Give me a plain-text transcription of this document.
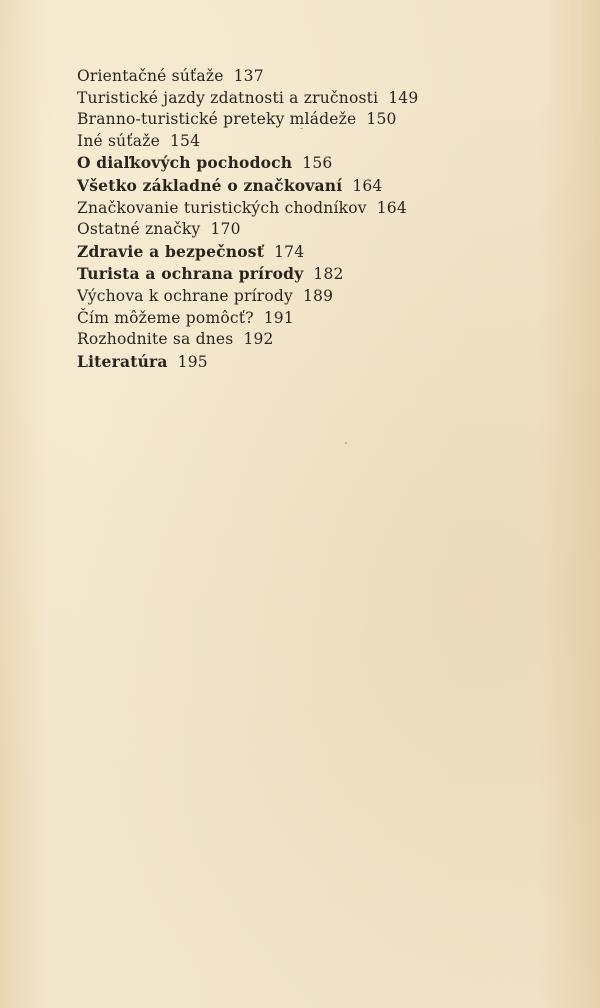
Orientačné súťaže 137
Turistické jazdy zdatnosti a zručnosti 149
Branno-turistické preteky mládeže 150
Iné súťaže 154
O diaľkových pochodoch 156
Všetko základné o značkovaní 164
Značkovanie turistických chodníkov 164
Ostatné značky 170
Zdravie a bezpečnosť 174
Turista a ochrana prírody 182
Výchova k ochrane prírody 189
Čím môžeme pomôcť? 191
Rozhodnite sa dnes 192
Literatúra 195
